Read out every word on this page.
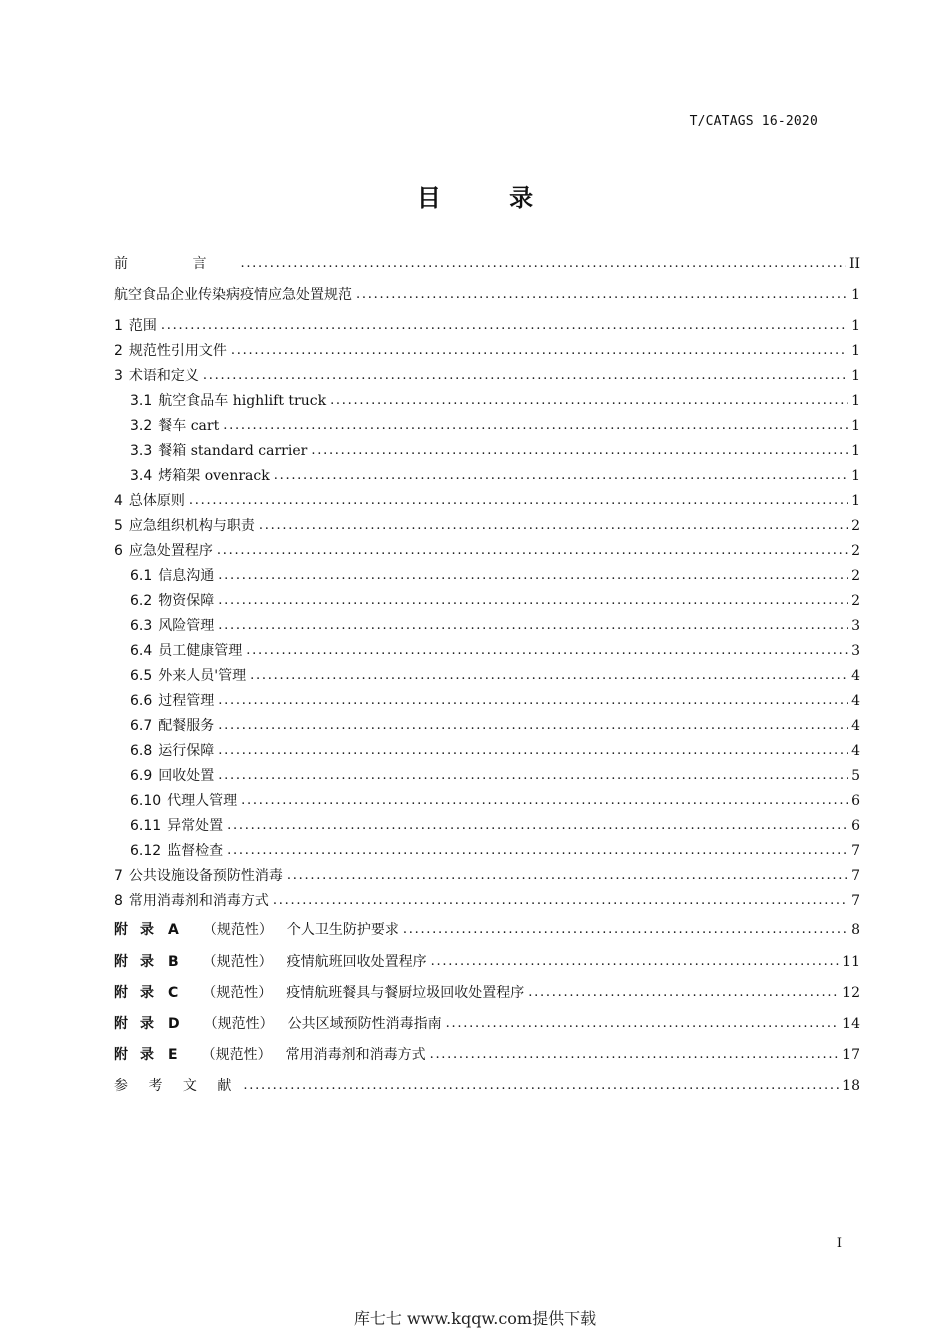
T/CATAGS 16-2020
目 录
前 言 . . .	II
航空食品企业传染病疫情应急处置规范 . . .	1
1 范围 . . .	1
2 规范性引用文件 . . .	1
3 术语和定义 . . .	1
3.1 航空食品车 highlift truck . . .	1
3.2 餐车 cart . . .	1
3.3 餐箱 standard carrier . . .	1
3.4 烤箱架 ovenrack . . .	1
4 总体原则 . . .	1
5 应急组织机构与职责 . . .	2
6 应急处置程序 . . .	2
6.1 信息沟通 . . .	2
6.2 物资保障 . . .	2
6.3 风险管理 . . .	3
6.4 员工健康管理 . . .	3
6.5 外来人员'管理 . . .	4
6.6 过程管理 . . .	4
6.7 配餐服务 . . .	4
6.8 运行保障 . . .	4
6.9 回收处置 . . .	5
6.10 代理人管理 . . .	6
6.11 异常处置 . . .	6
6.12 监督检查 . . .	7
7 公共设施设备预防性消毒 . . .	7
8 常用消毒剂和消毒方式 . . .	7
附录 A （规范性） 个人卫生防护要求 . . .	8
附录 B （规范性） 疫情航班回收处置程序 . . .	11
附录 C （规范性） 疫情航班餐具与餐厨垃圾回收处置程序 . . .	12
附录 D （规范性） 公共区域预防性消毒指南 . . .	14
附录 E （规范性） 常用消毒剂和消毒方式 . . .	17
参 考 文 献 . . .	18
I
库七七 www.kqqw.com提供下载
